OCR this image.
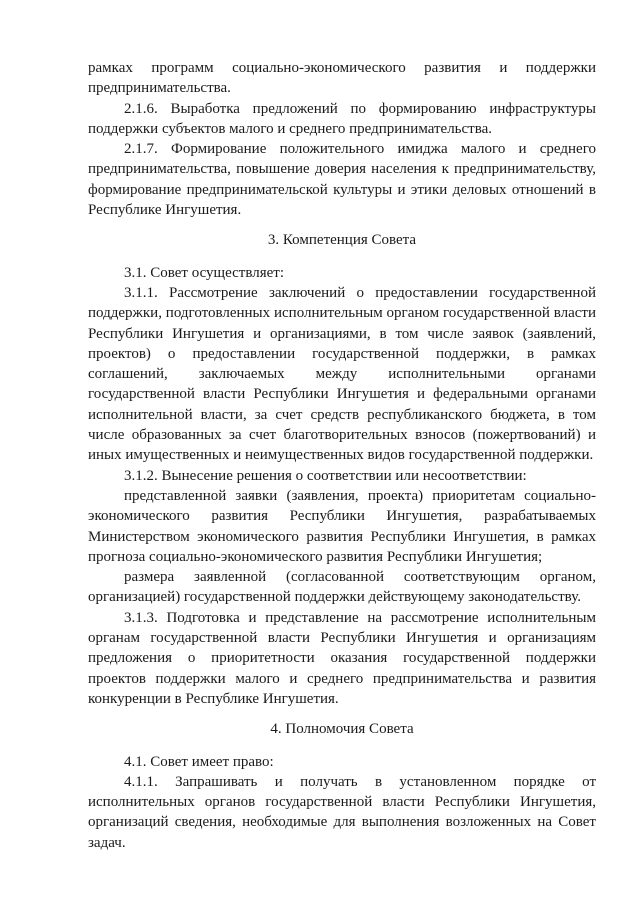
рамках программ социально-экономического развития и поддержки предпринимательства.

2.1.6. Выработка предложений по формированию инфраструктуры поддержки субъектов малого и среднего предпринимательства.

2.1.7. Формирование положительного имиджа малого и среднего предпринимательства, повышение доверия населения к предпринимательству, формирование предпринимательской культуры и этики деловых отношений в Республике Ингушетия.

3. Компетенция Совета

3.1. Совет осуществляет:

3.1.1. Рассмотрение заключений о предоставлении государственной поддержки, подготовленных исполнительным органом государственной власти Республики Ингушетия и организациями, в том числе заявок (заявлений, проектов) о предоставлении государственной поддержки, в рамках соглашений, заключаемых между исполнительными органами государственной власти Республики Ингушетия и федеральными органами исполнительной власти, за счет средств республиканского бюджета, в том числе образованных за счет благотворительных взносов (пожертвований) и иных имущественных и неимущественных видов государственной поддержки.

3.1.2. Вынесение решения о соответствии или несоответствии:

представленной заявки (заявления, проекта) приоритетам социально-экономического развития Республики Ингушетия, разрабатываемых Министерством экономического развития Республики Ингушетия, в рамках прогноза социально-экономического развития Республики Ингушетия;

размера заявленной (согласованной соответствующим органом, организацией) государственной поддержки действующему законодательству.

3.1.3. Подготовка и представление на рассмотрение исполнительным органам государственной власти Республики Ингушетия и организациям предложения о приоритетности оказания государственной поддержки проектов поддержки малого и среднего предпринимательства и развития конкуренции в Республике Ингушетия.

4. Полномочия Совета

4.1. Совет имеет право:

4.1.1. Запрашивать и получать в установленном порядке от исполнительных органов государственной власти Республики Ингушетия, организаций сведения, необходимые для выполнения возложенных на Совет задач.
